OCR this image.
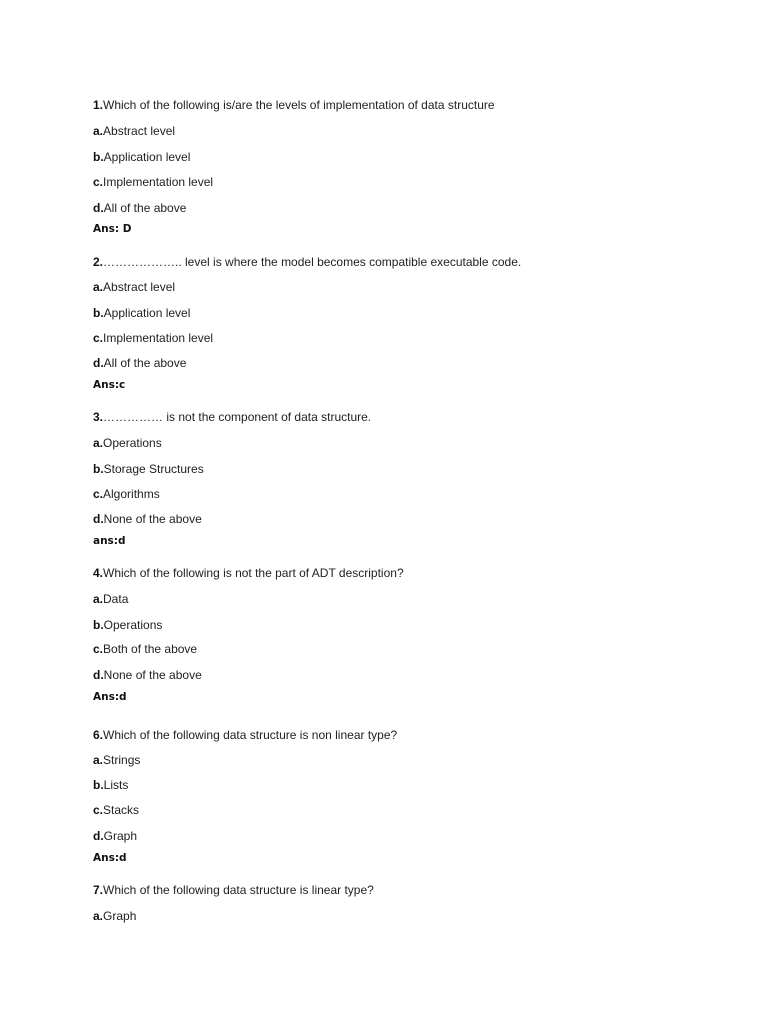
1.Which of the following is/are the levels of implementation of data structure
a.Abstract level
b.Application level
c.Implementation level
d.All of the above
Ans: D
2.……………….. level is where the model becomes compatible executable code.
a.Abstract level
b.Application level
c.Implementation level
d.All of the above
Ans:c
3.…………… is not the component of data structure.
a.Operations
b.Storage Structures
c.Algorithms
d.None of the above
ans:d
4.Which of the following is not the part of ADT description?
a.Data
b.Operations
c.Both of the above
d.None of the above
Ans:d
6.Which of the following data structure is non linear type?
a.Strings
b.Lists
c.Stacks
d.Graph
Ans:d
7.Which of the following data structure is linear type?
a.Graph
